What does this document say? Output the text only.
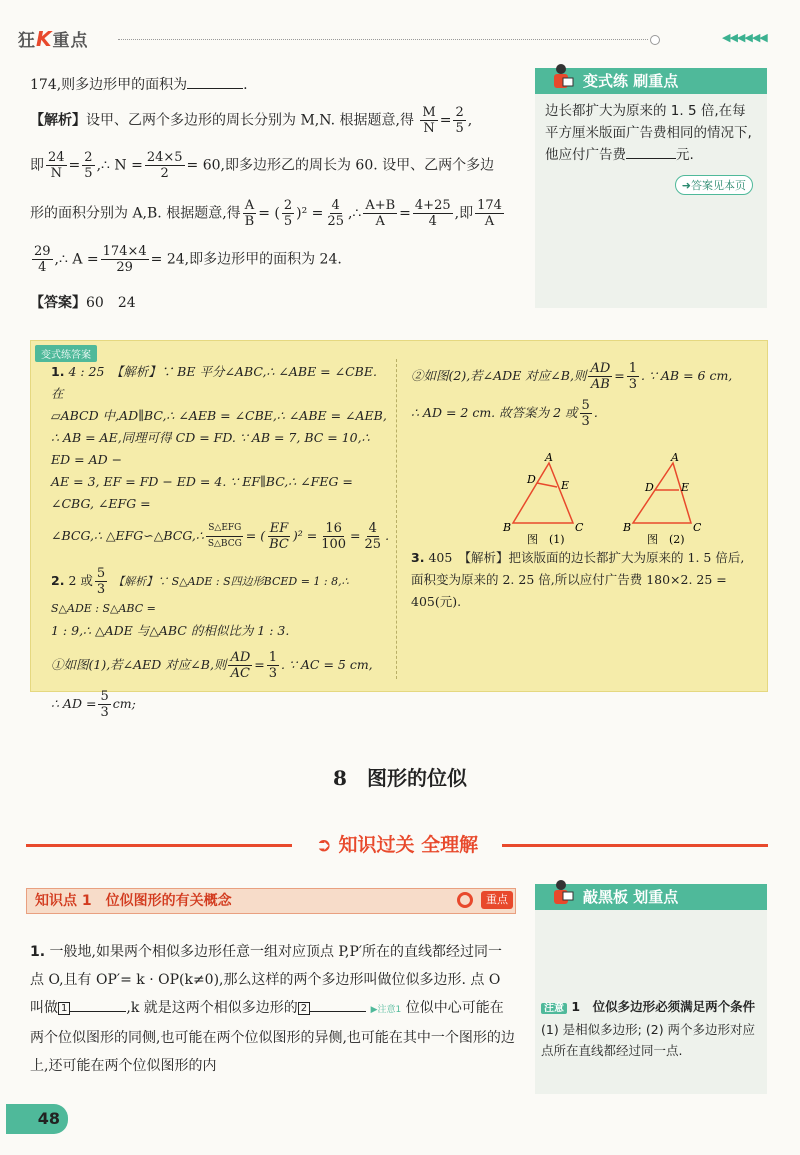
狂K重点	◀◀◀◀◀◀
174,则多边形甲的面积为	.
【解析】设甲、乙两个多边形的周长分别为 M,N. 根据题意,得 $\frac{M}{N} = \frac{2}{5}$ ,
即 $\frac{24}{N} = \frac{2}{5}$ ,∴ $N = \frac{24\times 5}{2} = 60$,即多边形乙的周长为 60. 设甲、乙两个多边
形的面积分别为 A,B. 根据题意,得 $\frac{A}{B}$ = ( $\frac{2}{5} )^2 = \frac{4}{25}$ ,∴ $\frac{A+B}{A} = \frac{4+25}{4}$ ,即 $\frac{174}{A}$
$\frac{29}{4}$ ,∴ $A = \frac{174\times 4}{29} = 24$,即多边形甲的面积为 24.
【答案】60　24
变式练 刷重点
边长都扩大为原来的 1. 5 倍,在每平方厘米版面广告费相同的情况下,他应付广告费	元.
➜答案见本页
变式练答案
1. 4 : 25　【解析】∵ BE 平分∠ABC,∴ ∠ABE = ∠CBE. 在
▱ABCD 中,AD∥BC,∴ ∠AEB = ∠CBE,∴ ∠ABE = ∠AEB,
∴ AB = AE,同理可得 CD = FD. ∵ AB = 7, BC = 10,∴ ED = AD −
AE = 3, EF = FD − ED = 4. ∵ EF∥BC,∴ ∠FEG = ∠CBG, ∠EFG =
∠BCG,∴ △EFG∽△BCG,∴ $\frac{\text{S△EFG}}{\text{S△BCG}}$ = ( $\frac{EF}{BC} )^2 = \frac{16}{100} = \frac{4}{25}$ .
2. 2 或 $\frac{5}{3}$ 【解析】∵ S△ADE : S四边形BCED = 1 : 8,∴ S△ADE : S△ABC =
1 : 9,∴ △ADE 与△ABC 的相似比为 1 : 3.
①如图(1),若∠AED 对应∠B,则 $\frac{AD}{AC} = \frac{1}{3}$ . ∵ AC = 5 cm,
∴ AD = $\frac{5}{3}$ cm;
②如图(2),若∠ADE 对应∠B,则 $\frac{AD}{AB} = \frac{1}{3}$ . ∵ AB = 6 cm,
∴ AD = 2 cm. 故答案为 2 或 $\frac{5}{3}$ .
A
B	C
D E
图　(1)
A
B	C
D E
图　(2)
3. 405　【解析】把该版面的边长都扩大为原来的 1. 5 倍后,
面积变为原来的 2. 25 倍,所以应付广告费 180×2. 25 =
405(元).
8　图形的位似
➲ 知识过关 全理解
知识点 1　位似图形的有关概念	重点
1. 一般地,如果两个相似多边形任意一组对应顶点 P,P′所在的直线都经过同一点 O,且有 OP′= k · OP(k≠0),那么这样的两个多边形叫做位似多边形. 点 O 叫做 1	,k 就是这两个相似多边形的 2	▶注意1 位似中心可能在两个位似图形的同侧,也可能在两个位似图形的异侧,也可能在其中一个图形的边上,还可能在两个位似图形的内
敲黑板 划重点
注意 1　 位似多边形必须满足两个条件
(1) 是相似多边形; (2) 两个多边形对应点所在直线都经过同一点.
48
